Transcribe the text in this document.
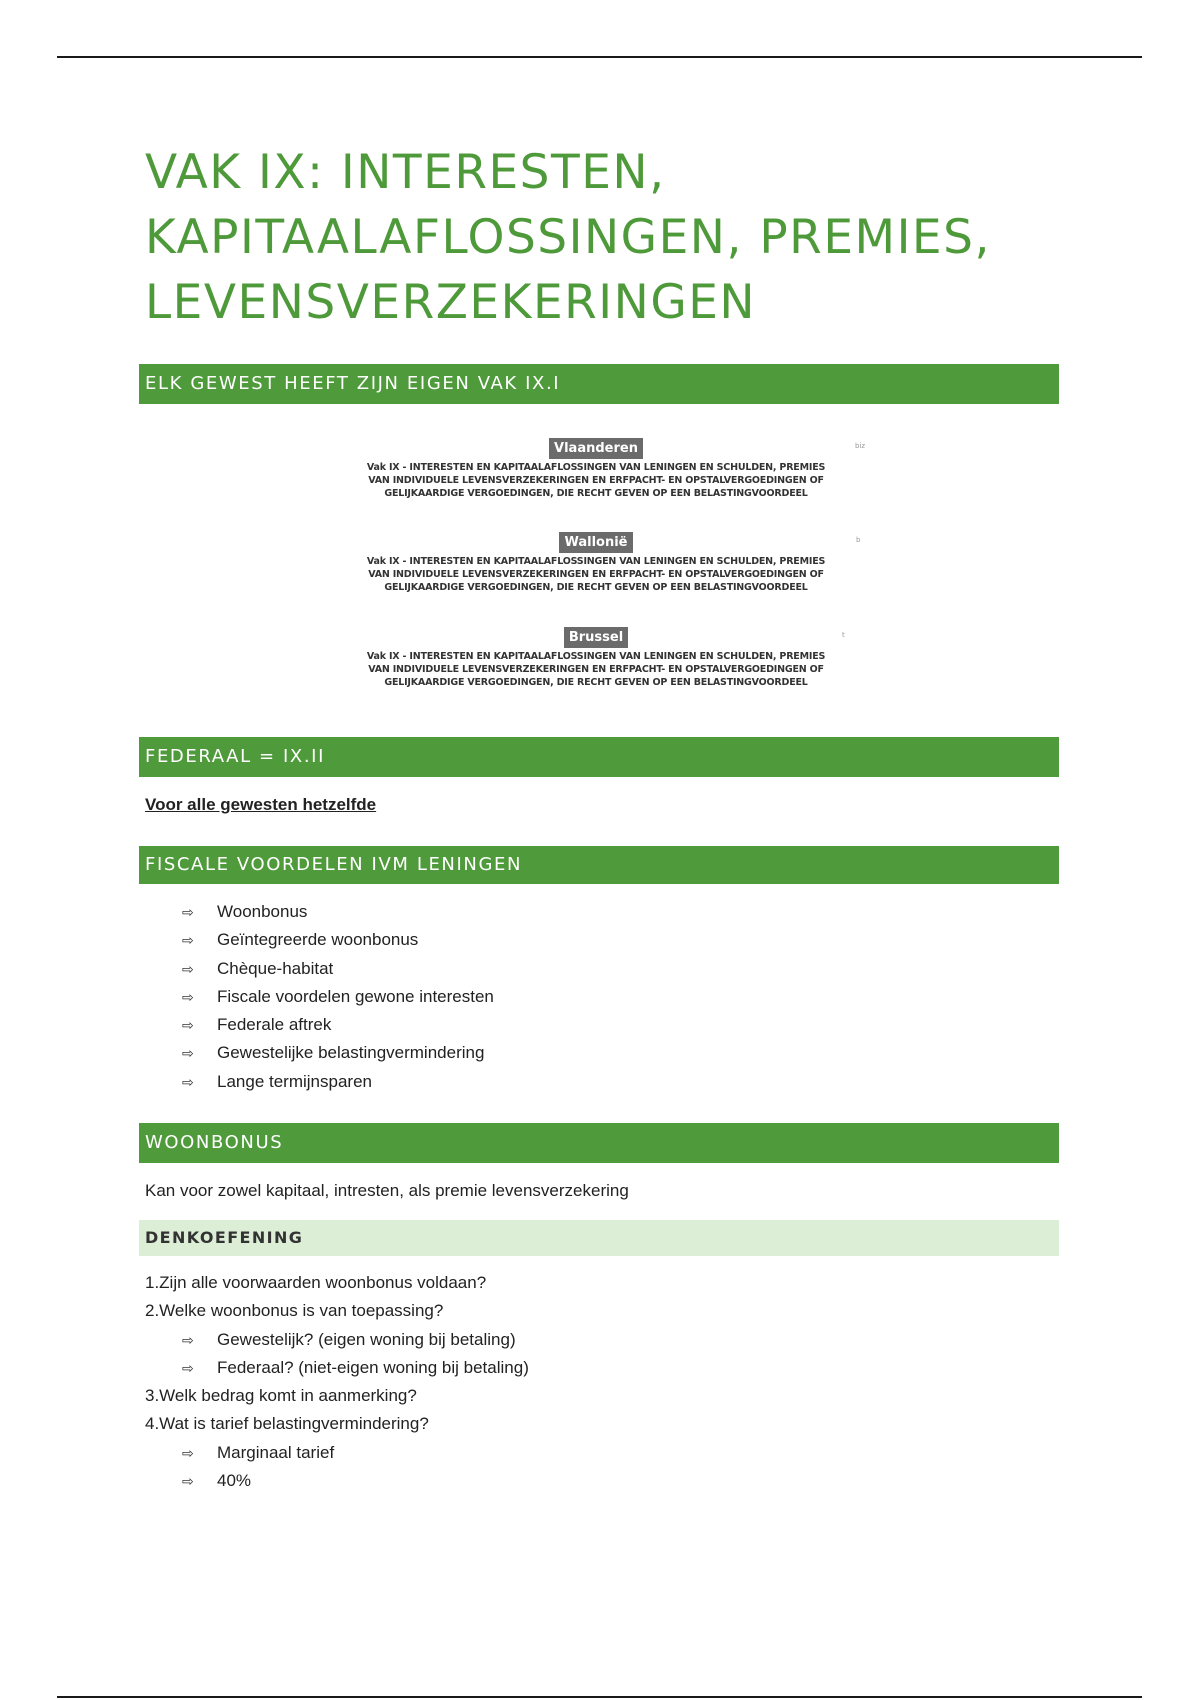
VAK IX: INTERESTEN,
KAPITAALAFLOSSINGEN, PREMIES,
LEVENSVERZEKERINGEN
ELK GEWEST HEEFT ZIJN EIGEN VAK IX.I
Vlaanderen	biz
Vak IX - INTERESTEN EN KAPITAALAFLOSSINGEN VAN LENINGEN EN SCHULDEN, PREMIES
VAN INDIVIDUELE LEVENSVERZEKERINGEN EN ERFPACHT- EN OPSTALVERGOEDINGEN OF
GELIJKAARDIGE VERGOEDINGEN, DIE RECHT GEVEN OP EEN BELASTINGVOORDEEL
Wallonië	b
Vak IX - INTERESTEN EN KAPITAALAFLOSSINGEN VAN LENINGEN EN SCHULDEN, PREMIES
VAN INDIVIDUELE LEVENSVERZEKERINGEN EN ERFPACHT- EN OPSTALVERGOEDINGEN OF
GELIJKAARDIGE VERGOEDINGEN, DIE RECHT GEVEN OP EEN BELASTINGVOORDEEL
Brussel	t
Vak IX - INTERESTEN EN KAPITAALAFLOSSINGEN VAN LENINGEN EN SCHULDEN, PREMIES
VAN INDIVIDUELE LEVENSVERZEKERINGEN EN ERFPACHT- EN OPSTALVERGOEDINGEN OF
GELIJKAARDIGE VERGOEDINGEN, DIE RECHT GEVEN OP EEN BELASTINGVOORDEEL
FEDERAAL = IX.II
Voor alle gewesten hetzelfde
FISCALE VOORDELEN IVM LENINGEN
⇨ Woonbonus
⇨ Geïntegreerde woonbonus
⇨ Chèque-habitat
⇨ Fiscale voordelen gewone interesten
⇨ Federale aftrek
⇨ Gewestelijke belastingvermindering
⇨ Lange termijnsparen
WOONBONUS
Kan voor zowel kapitaal, intresten, als premie levensverzekering
DENKOEFENING
1.Zijn alle voorwaarden woonbonus voldaan?
2.Welke woonbonus is van toepassing?
⇨ Gewestelijk? (eigen woning bij betaling)
⇨ Federaal? (niet-eigen woning bij betaling)
3.Welk bedrag komt in aanmerking?
4.Wat is tarief belastingvermindering?
⇨ Marginaal tarief
⇨ 40%
